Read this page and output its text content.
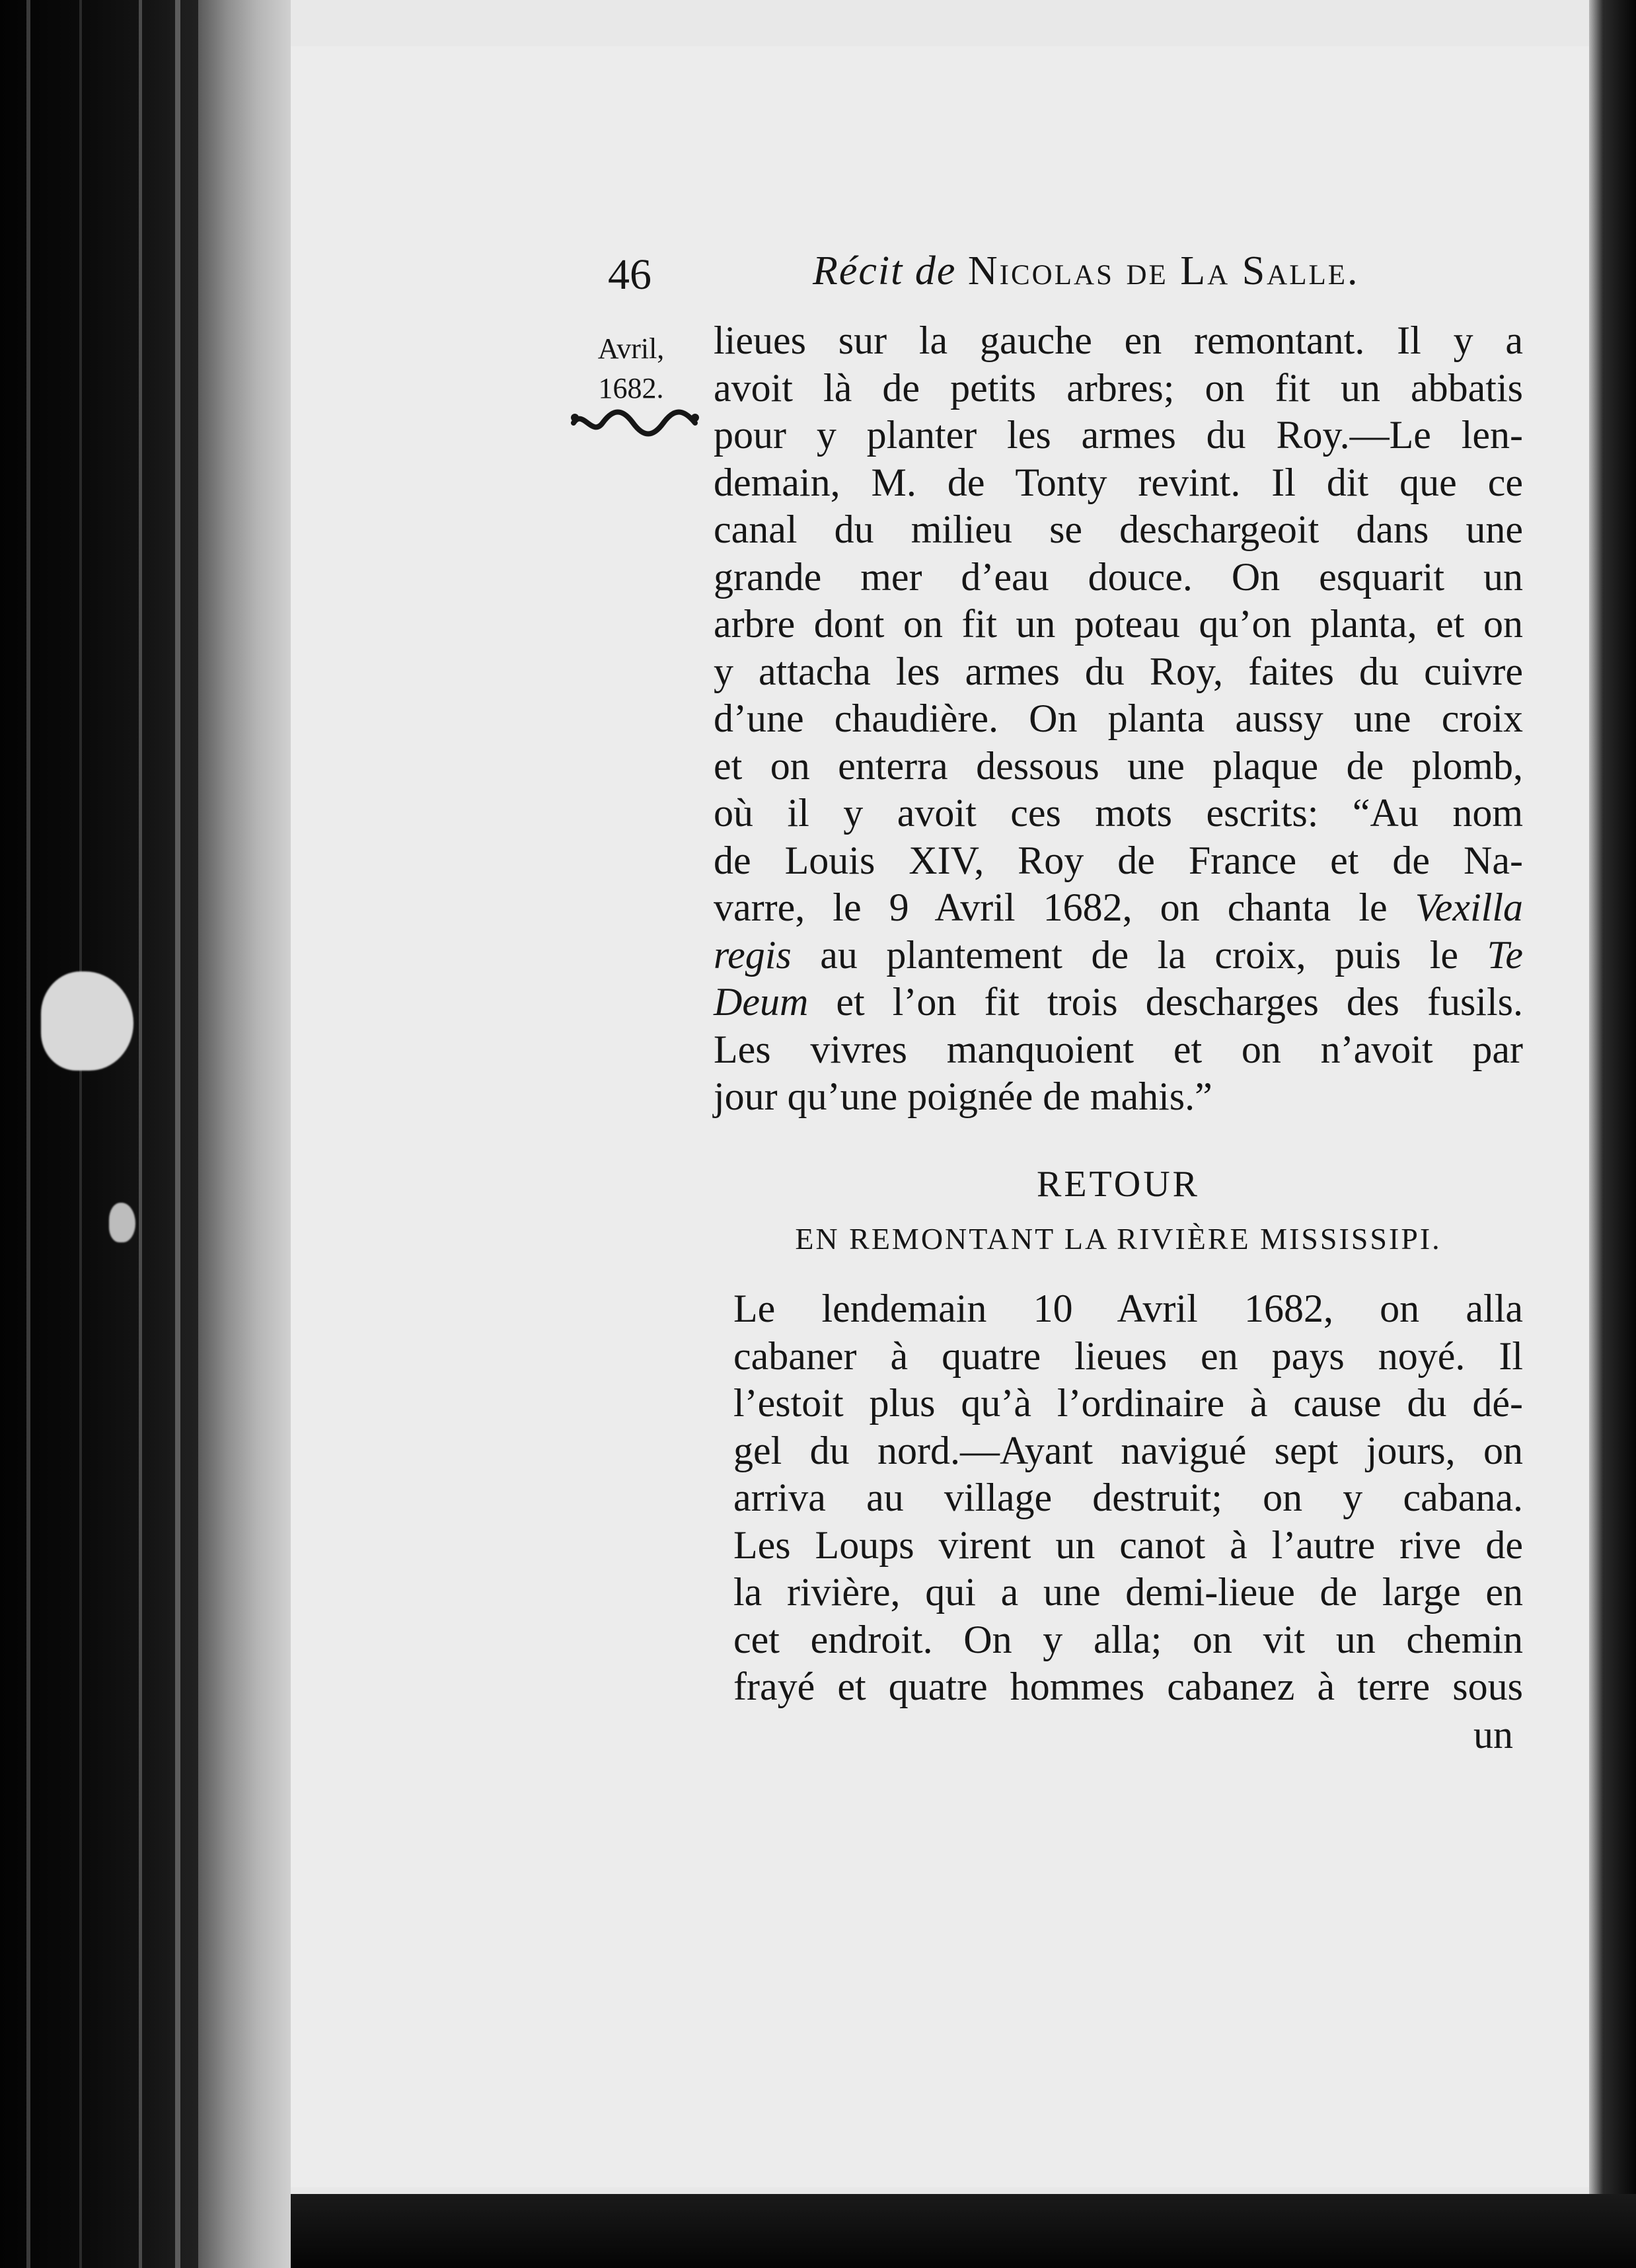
46	Récit de Nicolas de La Salle.
Avril,
1682.

lieues sur la gauche en remontant. Il y a
avoit là de petits arbres; on fit un abbatis
pour y planter les armes du Roy.—Le len-
demain, M. de Tonty revint. Il dit que ce
canal du milieu se deschargeoit dans une
grande mer d’eau douce. On esquarit un
arbre dont on fit un poteau qu’on planta, et on
y attacha les armes du Roy, faites du cuivre
d’une chaudière. On planta aussy une croix
et on enterra dessous une plaque de plomb,
où il y avoit ces mots escrits: “Au nom
de Louis XIV, Roy de France et de Na-
varre, le 9 Avril 1682, on chanta le Vexilla
regis au plantement de la croix, puis le Te
Deum et l’on fit trois descharges des fusils.
Les vivres manquoient et on n’avoit par
jour qu’une poignée de mahis.”

RETOUR
EN REMONTANT LA RIVIÈRE MISSISSIPI.

Le lendemain 10 Avril 1682, on alla
cabaner à quatre lieues en pays noyé. Il
l’estoit plus qu’à l’ordinaire à cause du dé-
gel du nord.—Ayant navigué sept jours, on
arriva au village destruit; on y cabana.
Les Loups virent un canot à l’autre rive de
la rivière, qui a une demi-lieue de large en
cet endroit. On y alla; on vit un chemin
frayé et quatre hommes cabanez à terre sous

un
